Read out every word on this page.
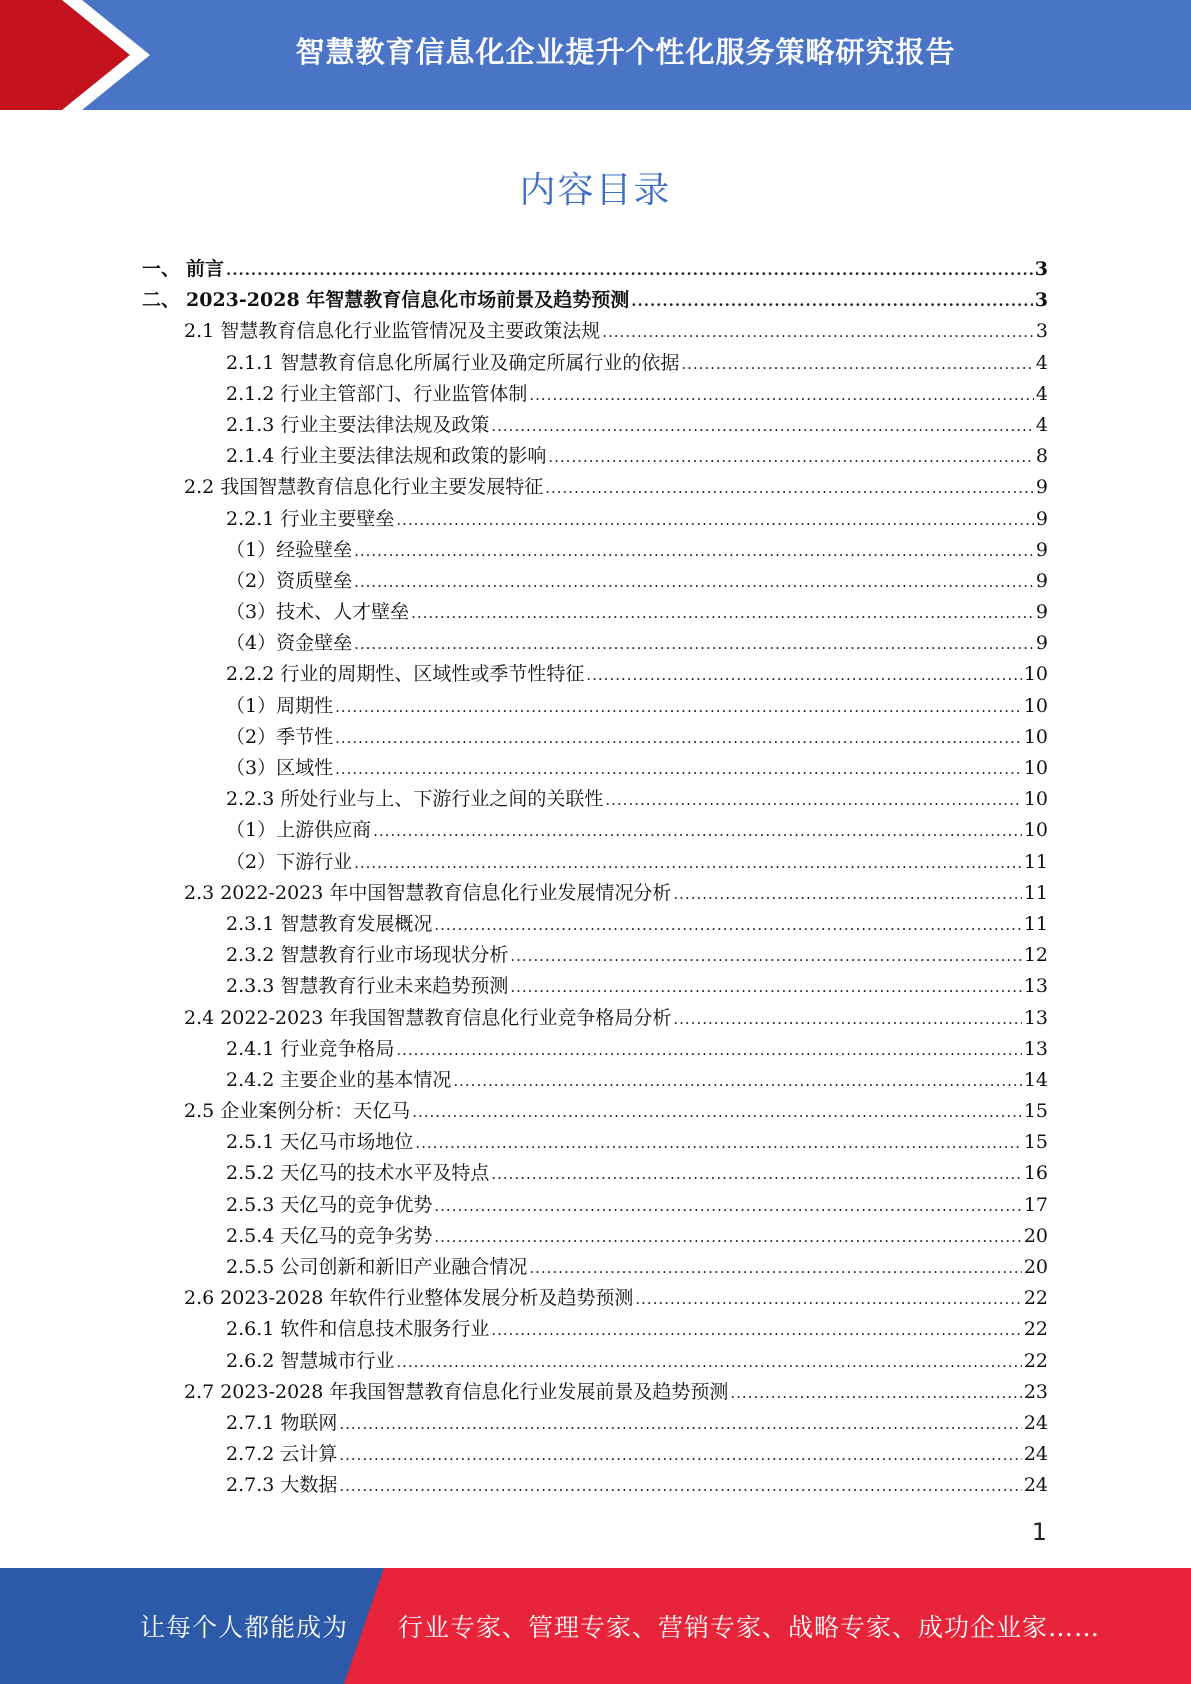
智慧教育信息化企业提升个性化服务策略研究报告
内容目录
一、 前言 .....	3
二、 2023-2028 年智慧教育信息化市场前景及趋势预测 .....	3
2.1 智慧教育信息化行业监管情况及主要政策法规 .....	3
2.1.1 智慧教育信息化所属行业及确定所属行业的依据 .....	4
2.1.2 行业主管部门、行业监管体制 .....	4
2.1.3 行业主要法律法规及政策 .....	4
2.1.4 行业主要法律法规和政策的影响 .....	8
2.2 我国智慧教育信息化行业主要发展特征 .....	9
2.2.1 行业主要壁垒 .....	9
（1）经验壁垒 .....	9
（2）资质壁垒 .....	9
（3）技术、人才壁垒 .....	9
（4）资金壁垒 .....	9
2.2.2 行业的周期性、区域性或季节性特征 .....	10
（1）周期性 .....	10
（2）季节性 .....	10
（3）区域性 .....	10
2.2.3 所处行业与上、下游行业之间的关联性 .....	10
（1）上游供应商 .....	10
（2）下游行业 .....	11
2.3 2022-2023 年中国智慧教育信息化行业发展情况分析 .....	11
2.3.1 智慧教育发展概况 .....	11
2.3.2 智慧教育行业市场现状分析 .....	12
2.3.3 智慧教育行业未来趋势预测 .....	13
2.4 2022-2023 年我国智慧教育信息化行业竞争格局分析 .....	13
2.4.1 行业竞争格局 .....	13
2.4.2 主要企业的基本情况 .....	14
2.5 企业案例分析：天亿马 .....	15
2.5.1 天亿马市场地位 .....	15
2.5.2 天亿马的技术水平及特点 .....	16
2.5.3 天亿马的竞争优势 .....	17
2.5.4 天亿马的竞争劣势 .....	20
2.5.5 公司创新和新旧产业融合情况 .....	20
2.6 2023-2028 年软件行业整体发展分析及趋势预测 .....	22
2.6.1 软件和信息技术服务行业 .....	22
2.6.2 智慧城市行业 .....	22
2.7 2023-2028 年我国智慧教育信息化行业发展前景及趋势预测 .....	23
2.7.1 物联网 .....	24
2.7.2 云计算 .....	24
2.7.3 大数据 .....	24
1
让每个人都能成为 行业专家、管理专家、营销专家、战略专家、成功企业家……
